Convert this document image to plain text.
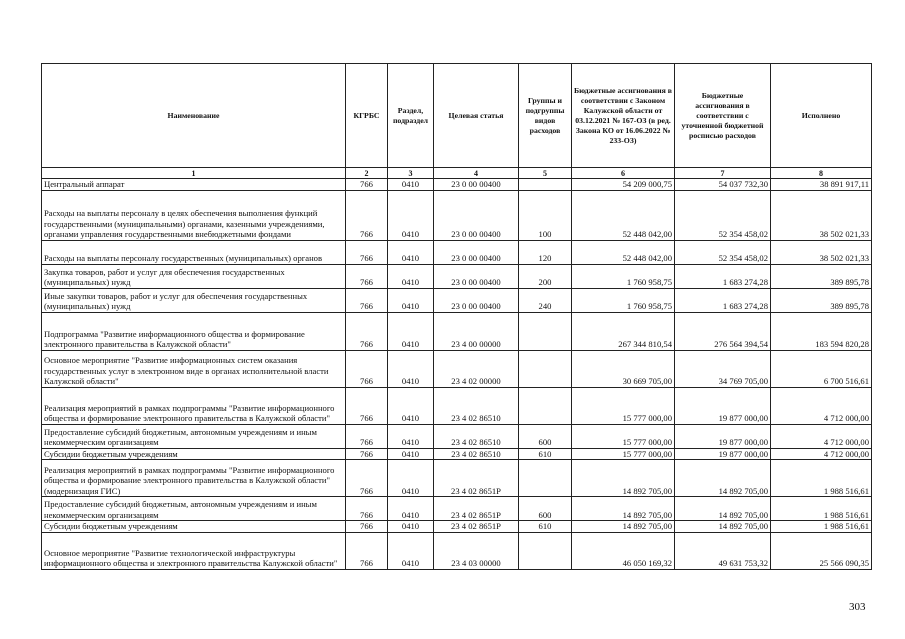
Наименование	КГРБС	Раздел, подраздел	Целевая статья	Группы и подгруппы видов расходов	Бюджетные ассигнования в соответствии с Законом Калужской области от 03.12.2021 № 167-ОЗ (в ред. Закона КО от 16.06.2022 № 233-ОЗ)	Бюджетные ассигнования в соответствии с уточненной бюджетной росписью расходов	Исполнено
1	2	3	4	5	6	7	8
Центральный аппарат	766	0410	23 0 00 00400		54 209 000,75	54 037 732,30	38 891 917,11
Расходы на выплаты персоналу в целях обеспечения выполнения функций государственными (муниципальными) органами, казенными учреждениями, органами управления государственными внебюджетными фондами	766	0410	23 0 00 00400	100	52 448 042,00	52 354 458,02	38 502 021,33
Расходы на выплаты персоналу государственных (муниципальных) органов	766	0410	23 0 00 00400	120	52 448 042,00	52 354 458,02	38 502 021,33
Закупка товаров, работ и услуг для обеспечения государственных (муниципальных) нужд	766	0410	23 0 00 00400	200	1 760 958,75	1 683 274,28	389 895,78
Иные закупки товаров, работ и услуг для обеспечения государственных (муниципальных) нужд	766	0410	23 0 00 00400	240	1 760 958,75	1 683 274,28	389 895,78
Подпрограмма "Развитие информационного общества и формирование электронного правительства в Калужской области"	766	0410	23 4 00 00000		267 344 810,54	276 564 394,54	183 594 820,28
Основное мероприятие "Развитие информационных систем оказания государственных услуг в электронном виде в органах исполнительной власти Калужской области"	766	0410	23 4 02 00000		30 669 705,00	34 769 705,00	6 700 516,61
Реализация мероприятий в рамках подпрограммы "Развитие информационного общества и формирование электронного правительства в Калужской области"	766	0410	23 4 02 86510		15 777 000,00	19 877 000,00	4 712 000,00
Предоставление субсидий бюджетным, автономным учреждениям и иным некоммерческим организациям	766	0410	23 4 02 86510	600	15 777 000,00	19 877 000,00	4 712 000,00
Субсидии бюджетным учреждениям	766	0410	23 4 02 86510	610	15 777 000,00	19 877 000,00	4 712 000,00
Реализация мероприятий в рамках подпрограммы "Развитие информационного общества и формирование электронного правительства в Калужской области" (модернизация ГИС)	766	0410	23 4 02 8651Р		14 892 705,00	14 892 705,00	1 988 516,61
Предоставление субсидий бюджетным, автономным учреждениям и иным некоммерческим организациям	766	0410	23 4 02 8651Р	600	14 892 705,00	14 892 705,00	1 988 516,61
Субсидии бюджетным учреждениям	766	0410	23 4 02 8651Р	610	14 892 705,00	14 892 705,00	1 988 516,61
Основное мероприятие "Развитие технологической инфраструктуры информационного общества и электронного правительства Калужской области"	766	0410	23 4 03 00000		46 050 169,32	49 631 753,32	25 566 090,35
303
